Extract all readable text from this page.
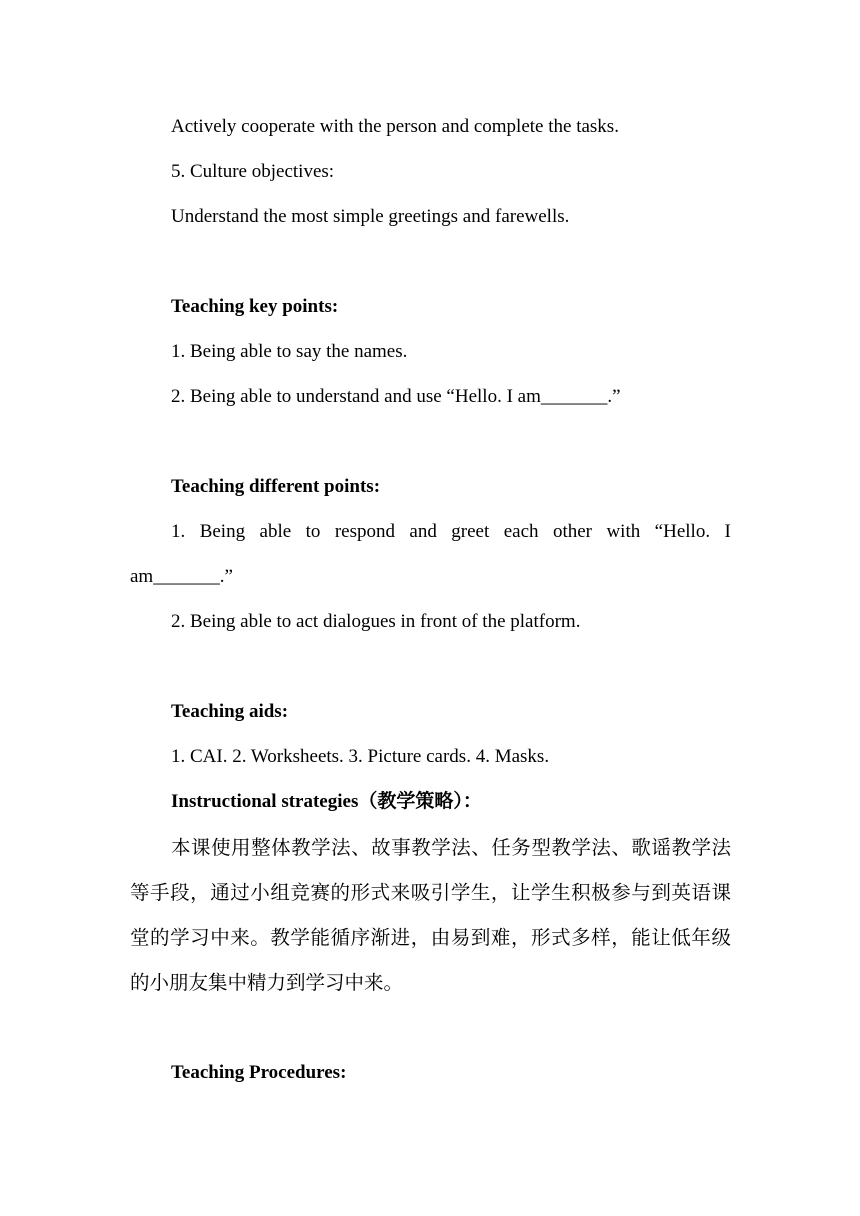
Actively cooperate with the person and complete the tasks.
5. Culture objectives:
Understand the most simple greetings and farewells.
Teaching key points:
1. Being able to say the names.
2. Being able to understand and use “Hello. I am_______.”
Teaching different points:
1. Being able to respond and greet each other with “Hello. I
am_______.”
2. Being able to act dialogues in front of the platform.
Teaching aids:
1. CAI. 2. Worksheets. 3. Picture cards. 4. Masks.
Instructional strategies（教学策略）：
本课使用整体教学法、故事教学法、任务型教学法、歌谣教学法等手段，通过小组竞赛的形式来吸引学生，让学生积极参与到英语课堂的学习中来。教学能循序渐进，由易到难，形式多样，能让低年级的小朋友集中精力到学习中来。
Teaching Procedures:
